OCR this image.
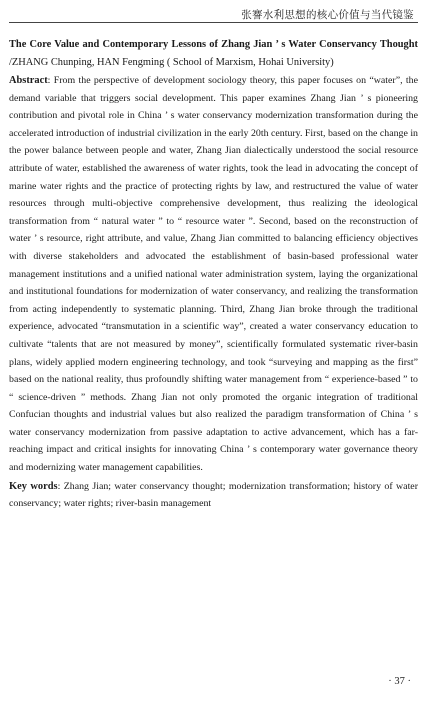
张謇水利思想的核心价值与当代镜鉴
The Core Value and Contemporary Lessons of Zhang Jian ’ s Water Conservancy Thought /ZHANG Chunping, HAN Fengming ( School of Marxism, Hohai University)
Abstract: From the perspective of development sociology theory, this paper focuses on “water”, the demand variable that triggers social development. This paper examines Zhang Jian ’ s pioneering contribution and pivotal role in China ’ s water conservancy modernization transformation during the accelerated introduction of industrial civilization in the early 20th century. First, based on the change in the power balance between people and water, Zhang Jian dialectically understood the social resource attribute of water, established the awareness of water rights, took the lead in advocating the concept of marine water rights and the practice of protecting rights by law, and restructured the value of water resources through multi-objective comprehensive development, thus realizing the ideological transformation from “ natural water ” to “ resource water ”. Second, based on the reconstruction of water ’ s resource, right attribute, and value, Zhang Jian committed to balancing efficiency objectives with diverse stakeholders and advocated the establishment of basin-based professional water management institutions and a unified national water administration system, laying the organizational and institutional foundations for modernization of water conservancy, and realizing the transformation from acting independently to systematic planning. Third, Zhang Jian broke through the traditional experience, advocated “transmutation in a scientific way”, created a water conservancy education to cultivate “talents that are not measured by money”, scientifically formulated systematic river-basin plans, widely applied modern engineering technology, and took “surveying and mapping as the first” based on the national reality, thus profoundly shifting water management from “ experience-based ” to “ science-driven ” methods. Zhang Jian not only promoted the organic integration of traditional Confucian thoughts and industrial values but also realized the paradigm transformation of China ’ s water conservancy modernization from passive adaptation to active advancement, which has a far-reaching impact and critical insights for innovating China ’ s contemporary water governance theory and modernizing water management capabilities.
Key words: Zhang Jian; water conservancy thought; modernization transformation; history of water conservancy; water rights; river-basin management
· 37 ·
